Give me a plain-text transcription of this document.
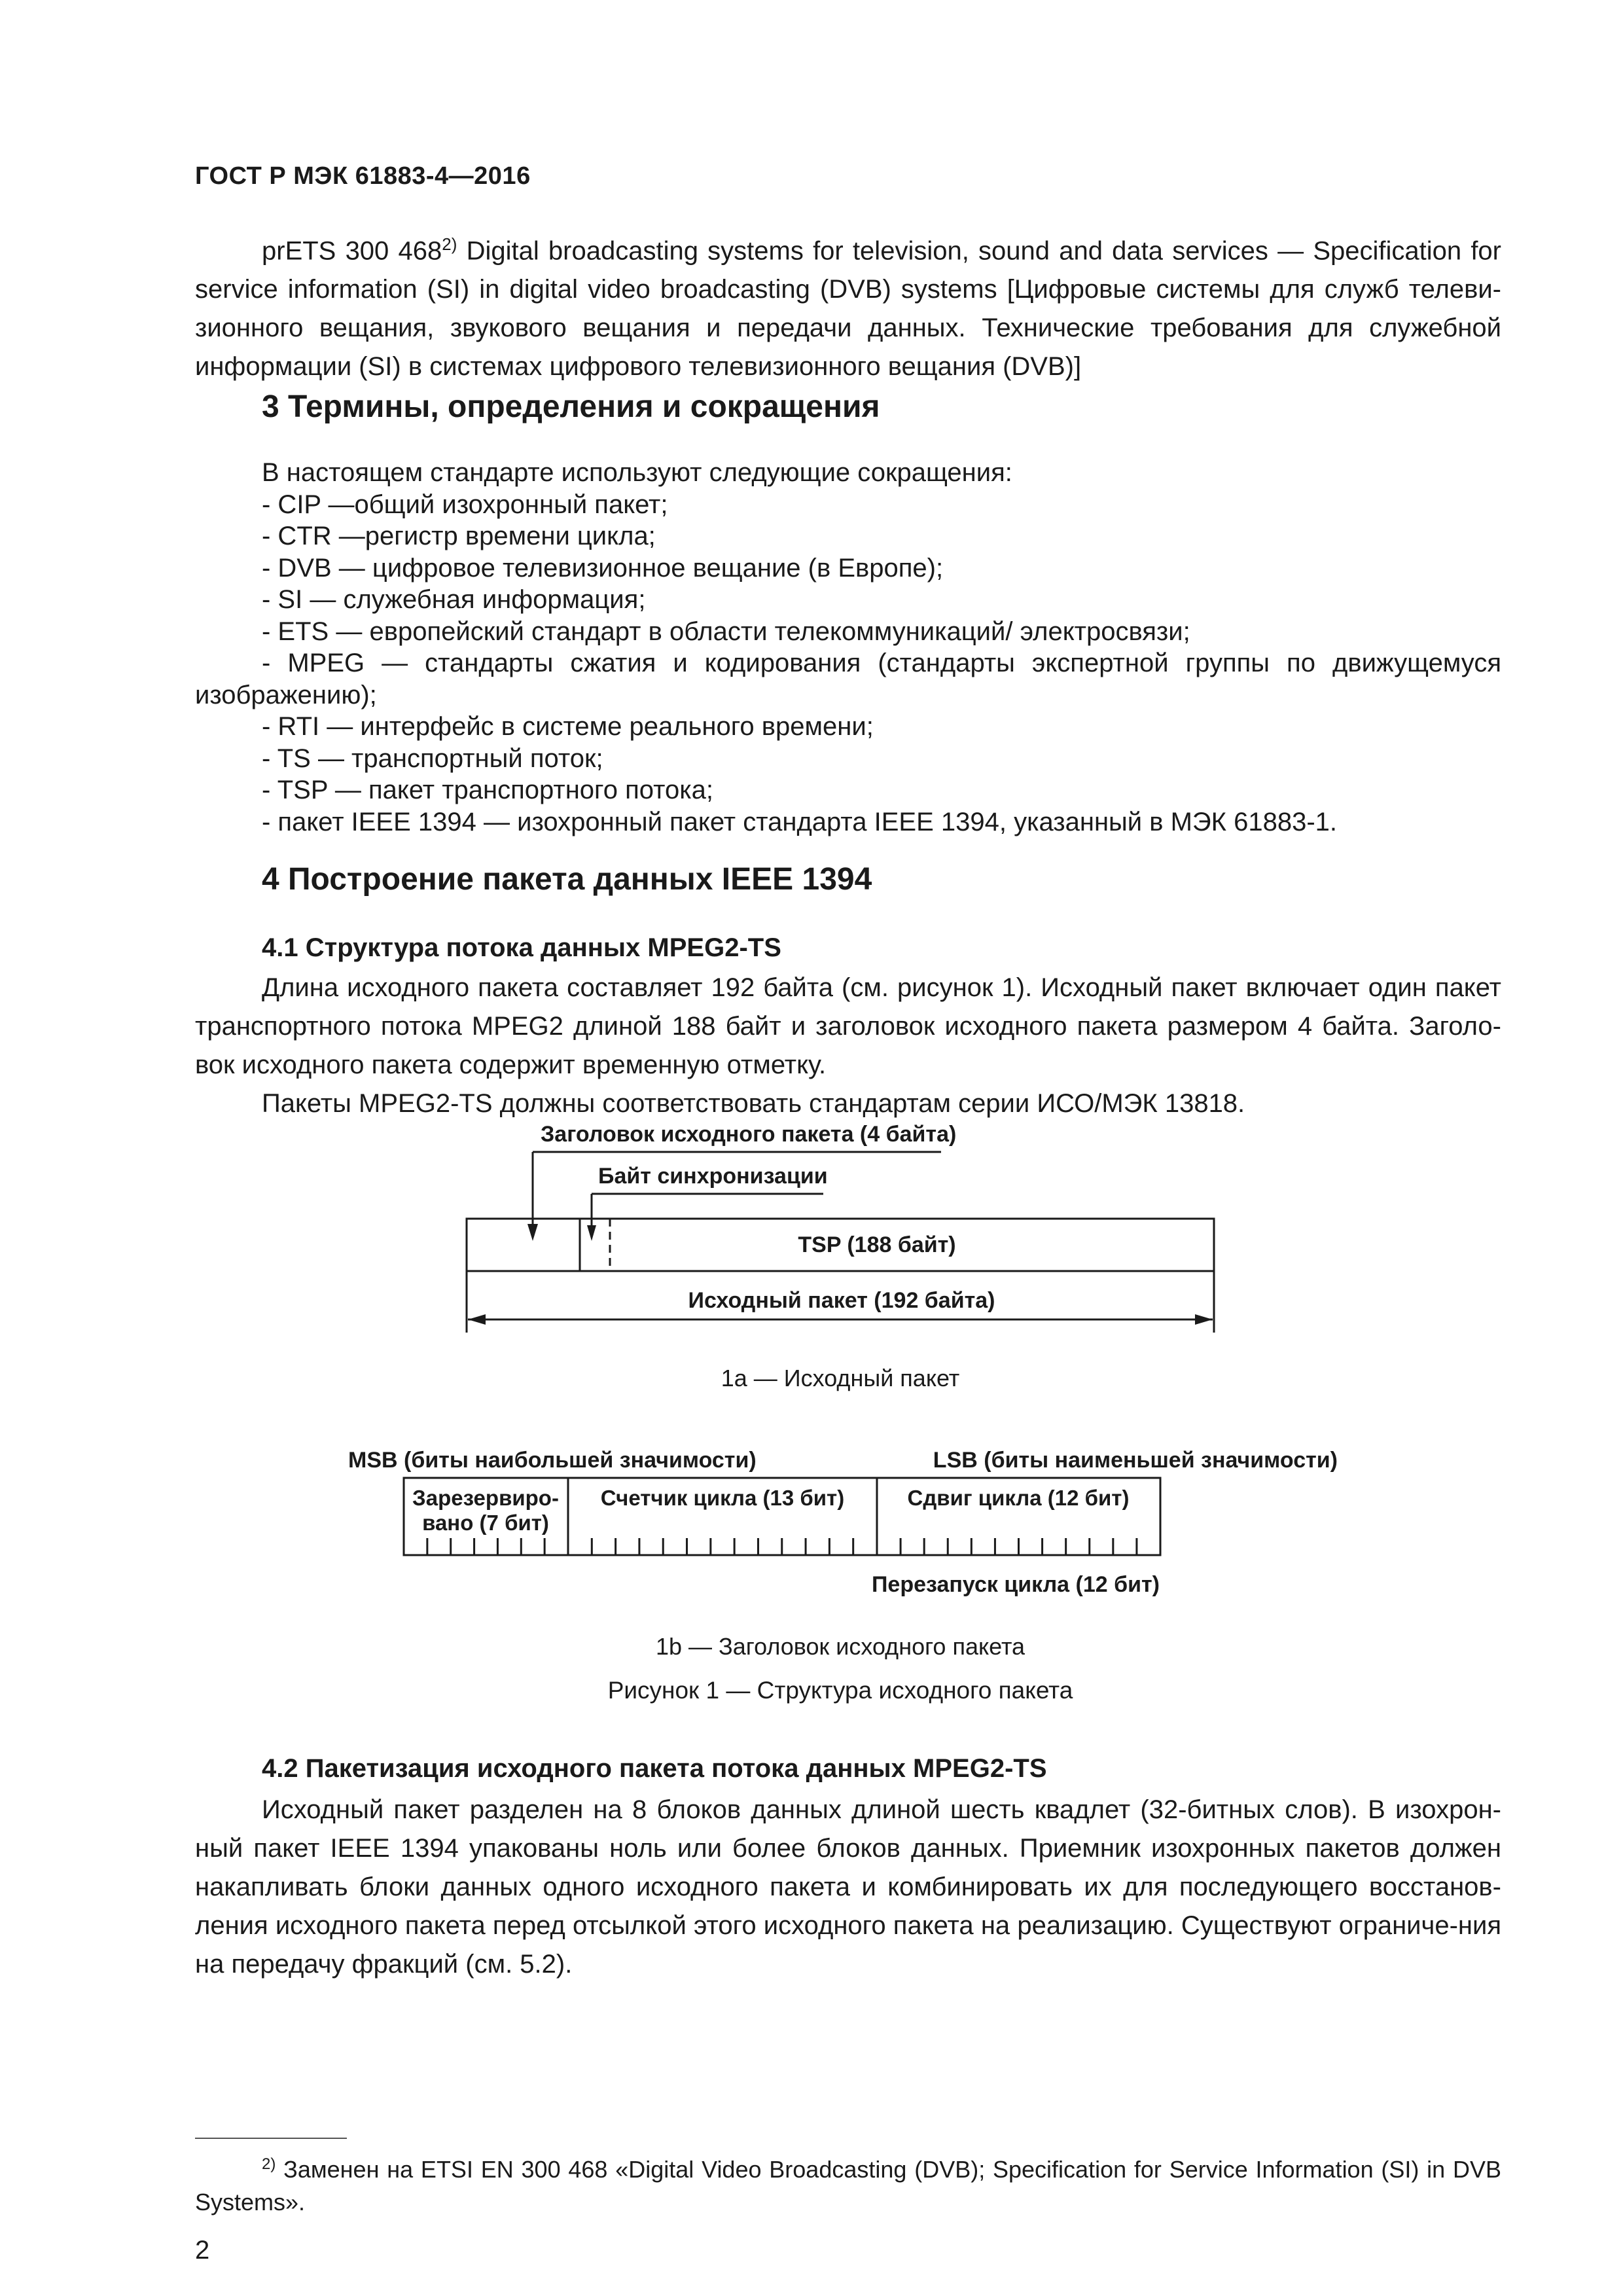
ГОСТ Р МЭК 61883-4—2016

prETS 300 468$^{2)}$ Digital broadcasting systems for television, sound and data services — Specification for service information (SI) in digital video broadcasting (DVB) systems [Цифровые системы для служб телеви-зионного вещания, звукового вещания и передачи данных. Технические требования для служебной информации (SI) в системах цифрового телевизионного вещания (DVB)]

3 Термины, определения и сокращения
В настоящем стандарте используют следующие сокращения:
- CIP —общий изохронный пакет;
- CTR —регистр времени цикла;
- DVB — цифровое телевизионное вещание (в Европе);
- SI — служебная информация;
- ETS — европейский стандарт в области телекоммуникаций/ электросвязи;
- MPEG — стандарты сжатия и кодирования (стандарты экспертной группы по движущемуся
изображению);
- RTI — интерфейс в системе реального времени;
- TS — транспортный поток;
- TSP — пакет транспортного потока;
- пакет IEEE 1394 — изохронный пакет стандарта IEEE 1394, указанный в МЭК 61883-1.
4 Построение пакета данных IEEE 1394
4.1 Структура потока данных MPEG2-TS

Длина исходного пакета составляет 192 байта (см. рисунок 1). Исходный пакет включает один пакет транспортного потока MPEG2 длиной 188 байт и заголовок исходного пакета размером 4 байта. Заголо-вок исходного пакета содержит временную отметку.

Пакеты MPEG2-TS должны соответствовать стандартам серии ИСО/МЭК 13818.

Заголовок исходного пакета (4 байта)
Байт синхронизации
TSP (188 байт)
Исходный пакет (192 байта)
1a — Исходный пакет
MSB (биты наибольшей значимости)	LSB (биты наименьшей значимости)
Зарезервиро-
вано (7 бит)
Счетчик цикла (13 бит)	Сдвиг цикла (12 бит)
Перезапуск цикла (12 бит)
1b — Заголовок исходного пакета
Рисунок 1 — Структура исходного пакета
4.2 Пакетизация исходного пакета потока данных MPEG2-TS

Исходный пакет разделен на 8 блоков данных длиной шесть квадлет (32-битных слов). В изохрон-ный пакет IEEE 1394 упакованы ноль или более блоков данных. Приемник изохронных пакетов должен накапливать блоки данных одного исходного пакета и комбинировать их для последующего восстанов-ления исходного пакета перед отсылкой этого исходного пакета на реализацию. Существуют ограниче-ния на передачу фракций (см. 5.2).

$^{2)}$ Заменен на ETSI EN 300 468 «Digital Video Broadcasting (DVB); Specification for Service Information (SI) in DVB Systems».
2
